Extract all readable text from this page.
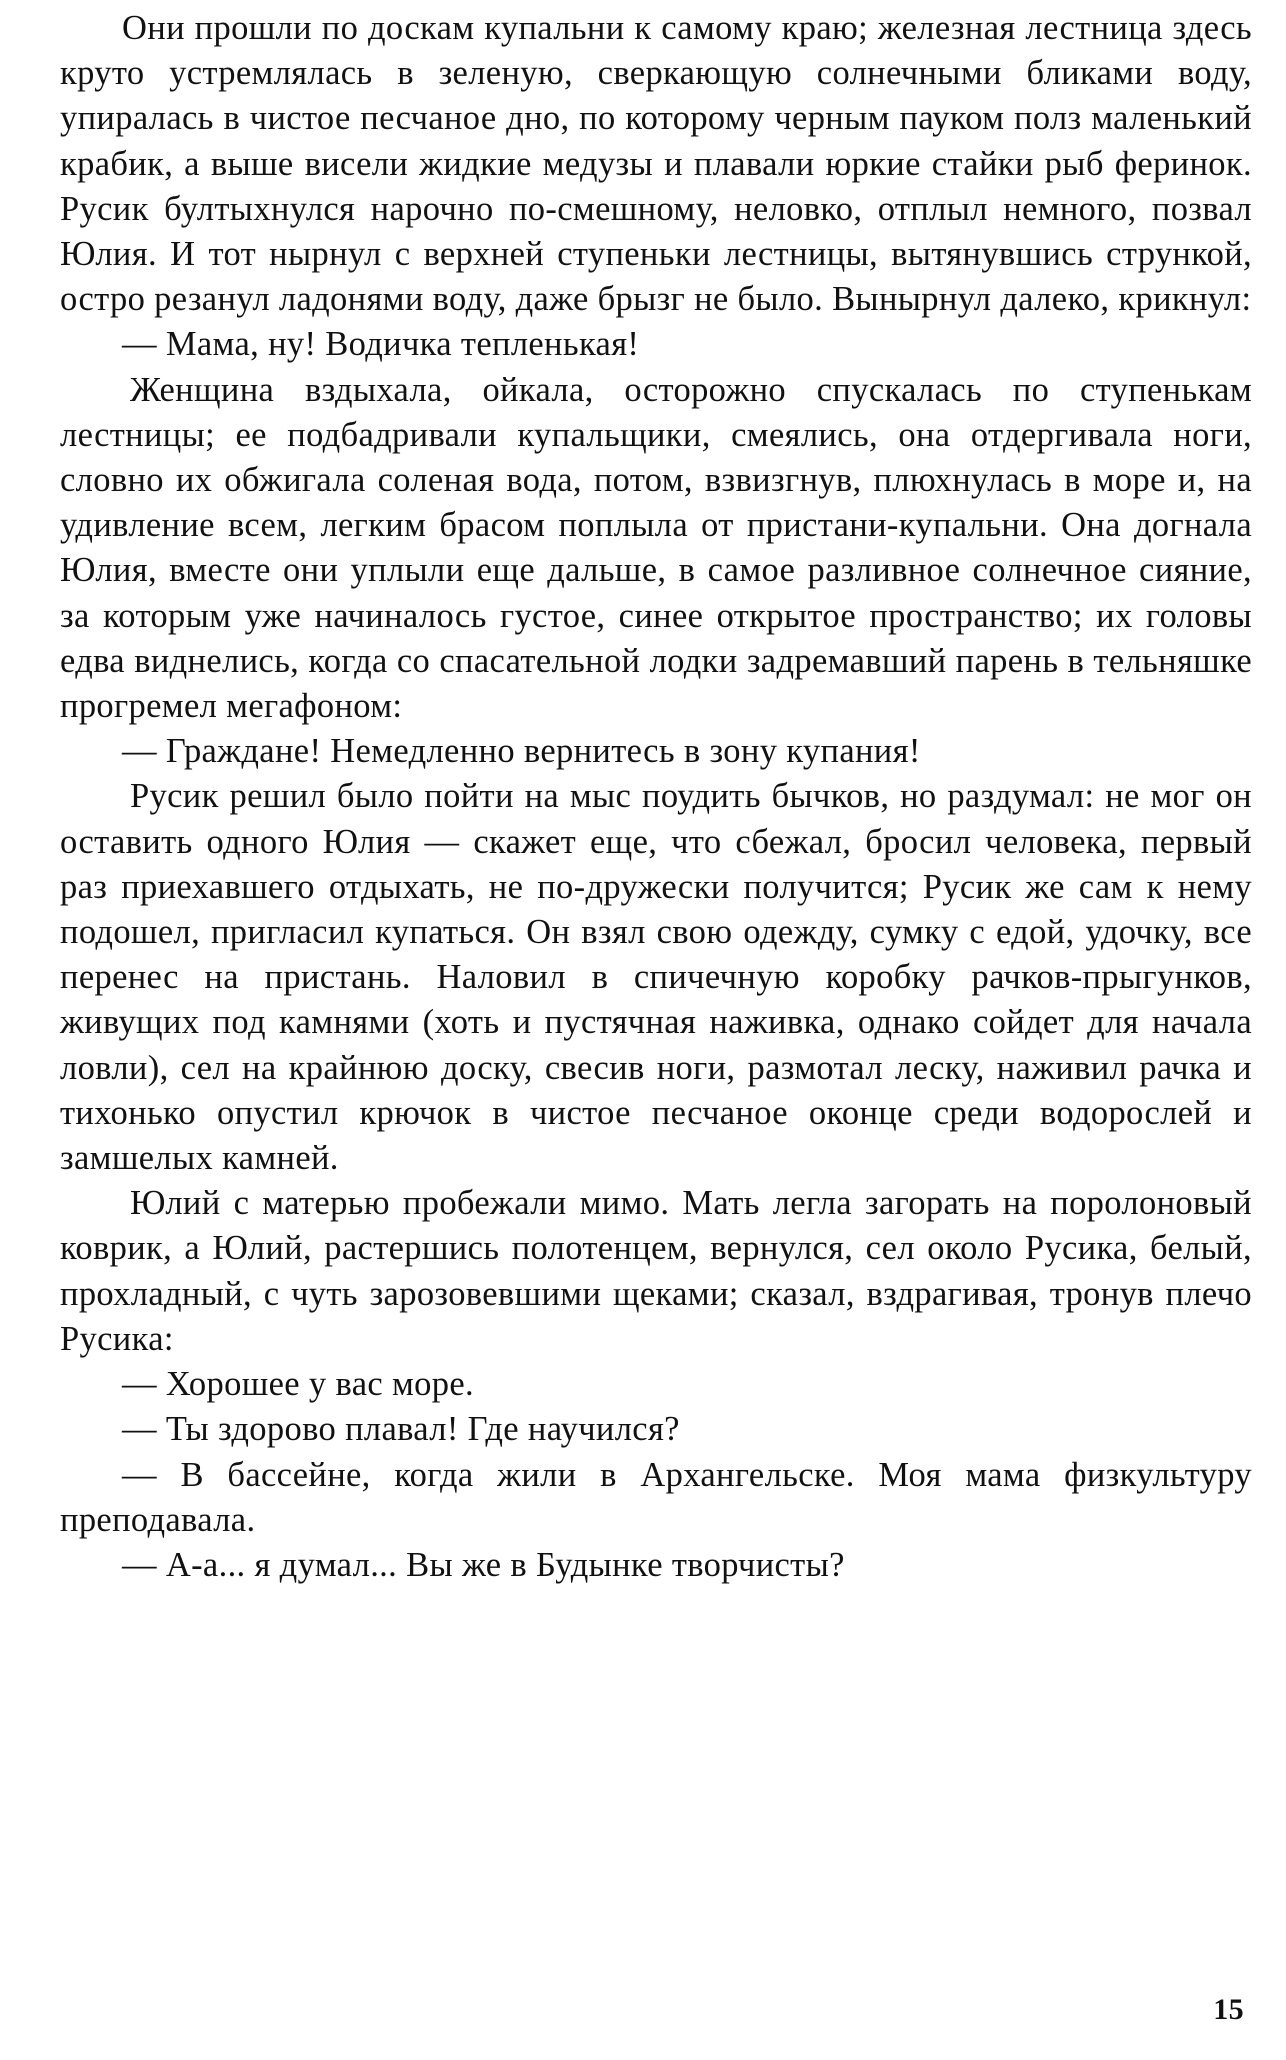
Они прошли по доскам купальни к самому краю; железная лестница здесь круто устремлялась в зеленую, сверкающую солнечными бликами воду, упиралась в чистое песчаное дно, по которому черным пауком полз маленький крабик, а выше висели жидкие медузы и плавали юркие стайки рыб феринок. Русик бултыхнулся нарочно по-смешному, неловко, отплыл немного, позвал Юлия. И тот нырнул с верхней ступеньки лестницы, вытянувшись стрункой, остро резанул ладонями воду, даже брызг не было. Вынырнул далеко, крикнул:

— Мама, ну! Водичка тепленькая!

Женщина вздыхала, ойкала, осторожно спускалась по ступенькам лестницы; ее подбадривали купальщики, смеялись, она отдергивала ноги, словно их обжигала соленая вода, потом, взвизгнув, плюхнулась в море и, на удивление всем, легким брасом поплыла от пристани-купальни. Она догнала Юлия, вместе они уплыли еще дальше, в самое разливное солнечное сияние, за которым уже начиналось густое, синее открытое пространство; их головы едва виднелись, когда со спасательной лодки задремавший парень в тельняшке прогремел мегафоном:

— Граждане! Немедленно вернитесь в зону купания!

Русик решил было пойти на мыс поудить бычков, но раздумал: не мог он оставить одного Юлия — скажет еще, что сбежал, бросил человека, первый раз приехавшего отдыхать, не по-дружески получится; Русик же сам к нему подошел, пригласил купаться. Он взял свою одежду, сумку с едой, удочку, все перенес на пристань. Наловил в спичечную коробку рачков-прыгунков, живущих под камнями (хоть и пустячная наживка, однако сойдет для начала ловли), сел на крайнюю доску, свесив ноги, размотал леску, наживил рачка и тихонько опустил крючок в чистое песчаное оконце среди водорослей и замшелых камней.

Юлий с матерью пробежали мимо. Мать легла загорать на поролоновый коврик, а Юлий, растершись полотенцем, вернулся, сел около Русика, белый, прохладный, с чуть зарозовевшими щеками; сказал, вздрагивая, тронув плечо Русика:

— Хорошее у вас море.

— Ты здорово плавал! Где научился?

— В бассейне, когда жили в Архангельске. Моя мама физкультуру преподавала.

— А-а... я думал... Вы же в Будынке творчисты?

15
